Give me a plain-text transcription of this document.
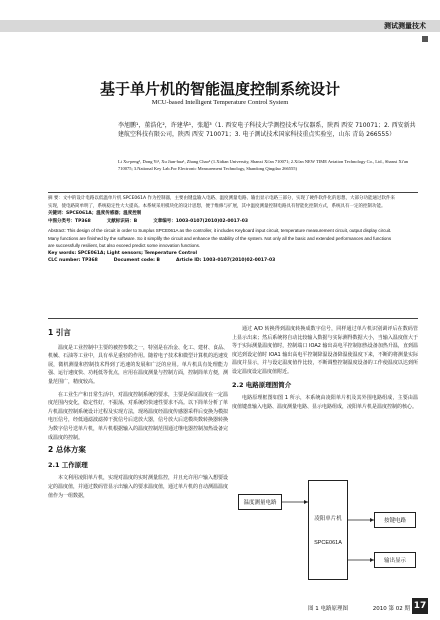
测试测量技术
基于单片机的智能温度控制系统设计
MCU-based Intelligent Temperature Control System
李旭鹏¹，董浩化²，许建华¹，张超³（1. 西安电子科技大学测控技术与仪器系，陕西 西安 710071；2. 西安新共建航空科技有限公司，陕西 西安 710071；3. 电子测试技术国家科技重点实验室，山东 青岛 266555）
Li Xu-peng¹, Dong Yi², Xu Jian-hua¹, Zhang Chao³ (1.Xidian University, Shanxi Xi'an 710071; 2.Xi'an NEW TIME Aviation Technology Co., Ltd., Shanxi Xi'an 710075; 3.National Key Lab.For Electronic Measurement Technology, Shandong Qingdao 266555)
摘 要：文中的设计电路以低温单片机 SPCE061A 作为控制器，主要由键盘输入电路、温度测量电路、输出显示电路三部分，实现了硬件软件化的思想，大部分功能通过软件来实现，使电路简单明了，系统稳定性大大提高。本系统采用模块化的设计思想，便于维修与扩展，其中温度测量控制电路具有智能化控制方式，系统具有一定的控制功能。
关键词：SPCE061A；温度传感器；温度控制
中图分类号：TP368	文献标识码：B	文章编号：1003-0107(2010)02-0017-03
Abstract: This design of the circuit in order to Sunplus SPCE061A as the controller, it includes Keyboard input circuit, temperature measurement circuit, output display circuit. Many functions are finished by the software. So it simplify the circuit and enhance the stability of the system. Not only all the basic and extended performances and functions are successfully resilient, but also exceed predict some innovation functions.
Key words: SPCE061A; Light sensors; Temperature Control
CLC number: TP368	Document code: B	Article ID: 1003-0107(2010)02-0017-03
1 引言
温度是工业控制中主要的被控参数之一，特别是在冶金、化工、建材、食品、机械、石油等工业中，具有举足重轻的作用。随着电子技术和微型计算机的迅速发展，微机测量和控制技术得到了迅速的发展和广泛的应用。单片机具有处理能力强、运行速度快、功耗低等优点，应用在温度测量与控制方面，控制简单方便，测量范围广，精度较高。
在工业生产和日常生活中，对温度控制系统的要求，主要是保证温度在一定温度范围内变化，稳定性好，不振荡，对系统的快速性要求不高。以下简单分析了单片机温度控制系统设计过程及实现方法，现场温度经温度传感器采样后变换为模拟电压信号，经低通滤波滤掉干扰信号后送放大器，信号放大后送模块数转换器转换为数字信号送单片机，单片机根据输入的温度控制范围通过继电器控制加热设备完成温度的控制。
2 总体方案
2.1 工作原理
本文利用凌阳单片机，实现对温度的实时测量监控，并且允许用户输入想要设定的温度值，并通过数码管显示出输入的要求温度值，通过单片机的自动测温温度值作为一组数据，
通过 A/D 转换得到温度转换成数字信号，同样通过单片机识别调评后在数码管上显示出来；然后系统将自动比较输入数据与实际测得数据大小，当输入温度值大于等于实际测量温度值时，控制端口 IOA2 输出高电平控制加热设备加热升温，直到温度达到设定值时 IOA1 输出高电平控制降温设备降温使温度下来，不断的将测量实际温度并显示，并与设定温度值作比较，不断调整控制温度设备的工作使温度以达到所设定温度设定温度值附近。
2.2 电路原理图简介
电路原理框图如图 1 所示，本系统由凌阳单片机及其外围电路组成，主要由温度值键盘输入电路、温度测量电路、显示电路组成，凌阳单片机是温度控制的核心。
凌阳单片机
SPCE061A
温度测量电路
按键电路
输出显示
图 1 电路原理图	2010 第 02 期 17
